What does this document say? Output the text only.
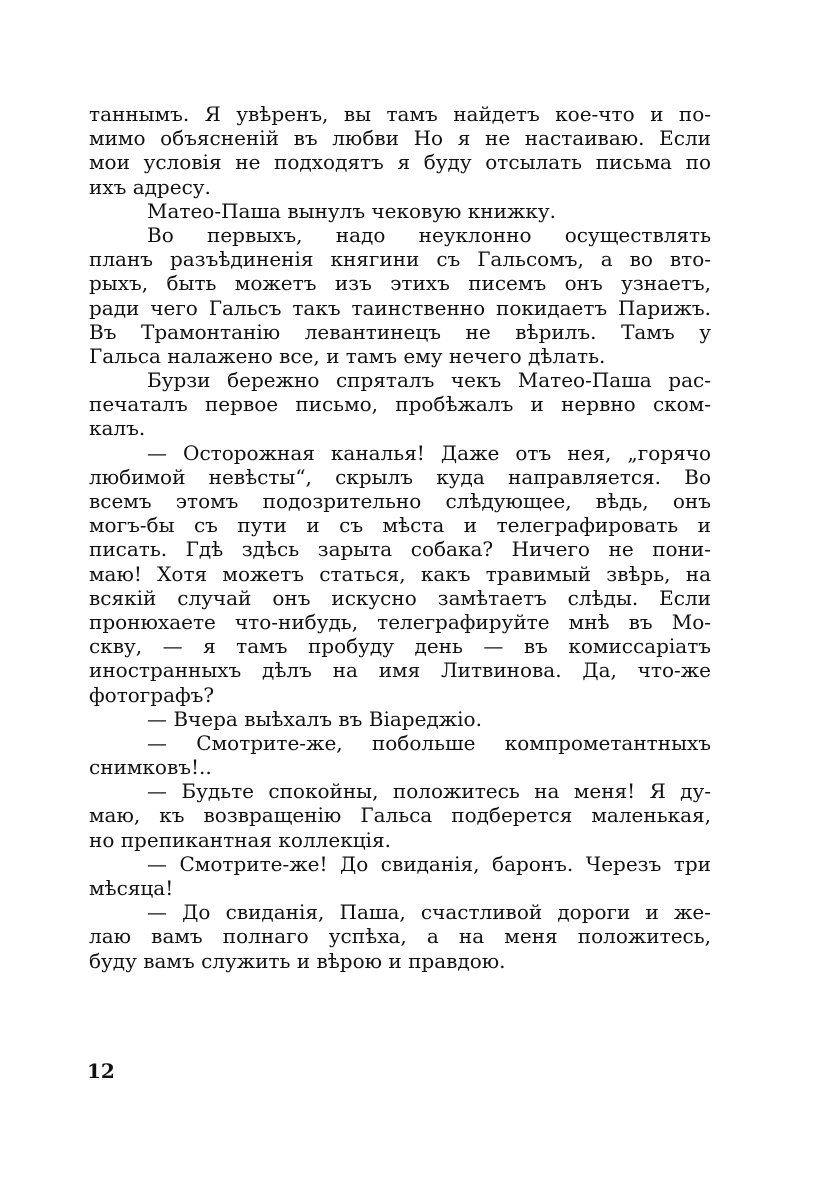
таннымъ. Я увѣренъ, вы тамъ найдетъ кое-что и по-
мимо объясненій въ любви Но я не настаиваю. Если
мои условія не подходятъ я буду отсылать письма по
ихъ адресу.
Матео-Паша вынулъ чековую книжку.
Во первыхъ, надо неуклонно осуществлять
планъ разъѣдиненія княгини съ Гальсомъ, а во вто-
рыхъ, быть можетъ изъ этихъ писемъ онъ узнаетъ,
ради чего Гальсъ такъ таинственно покидаетъ Парижъ.
Въ Трамонтанію левантинецъ не вѣрилъ. Тамъ у
Гальса налажено все, и тамъ ему нечего дѣлать.
Бурзи бережно спряталъ чекъ Матео-Паша рас-
печаталъ первое письмо, пробѣжалъ и нервно ском-
калъ.
— Осторожная каналья! Даже отъ нея, „горячо
любимой невѣсты“, скрылъ куда направляется. Во
всемъ этомъ подозрительно слѣдующее, вѣдь, онъ
могъ-бы съ пути и съ мѣста и телеграфировать и
писать. Гдѣ здѣсь зарыта собака? Ничего не пони-
маю! Хотя можетъ статься, какъ травимый звѣрь, на
всякій случай онъ искусно замѣтаетъ слѣды. Если
пронюхаете что-нибудь, телеграфируйте мнѣ въ Мо-
скву, — я тамъ пробуду день — въ комиссаріатъ
иностранныхъ дѣлъ на имя Литвинова. Да, что-же
фотографъ?
— Вчера выѣхалъ въ Віареджіо.
— Смотрите-же, побольше компрометантныхъ
снимковъ!..
— Будьте спокойны, положитесь на меня! Я ду-
маю, къ возвращенію Гальса подберется маленькая,
но препикантная коллекція.
— Смотрите-же! До свиданія, баронъ. Черезъ три
мѣсяца!
— До свиданія, Паша, счастливой дороги и же-
лаю вамъ полнаго успѣха, а на меня положитесь,
буду вамъ служить и вѣрою и правдою.
12
